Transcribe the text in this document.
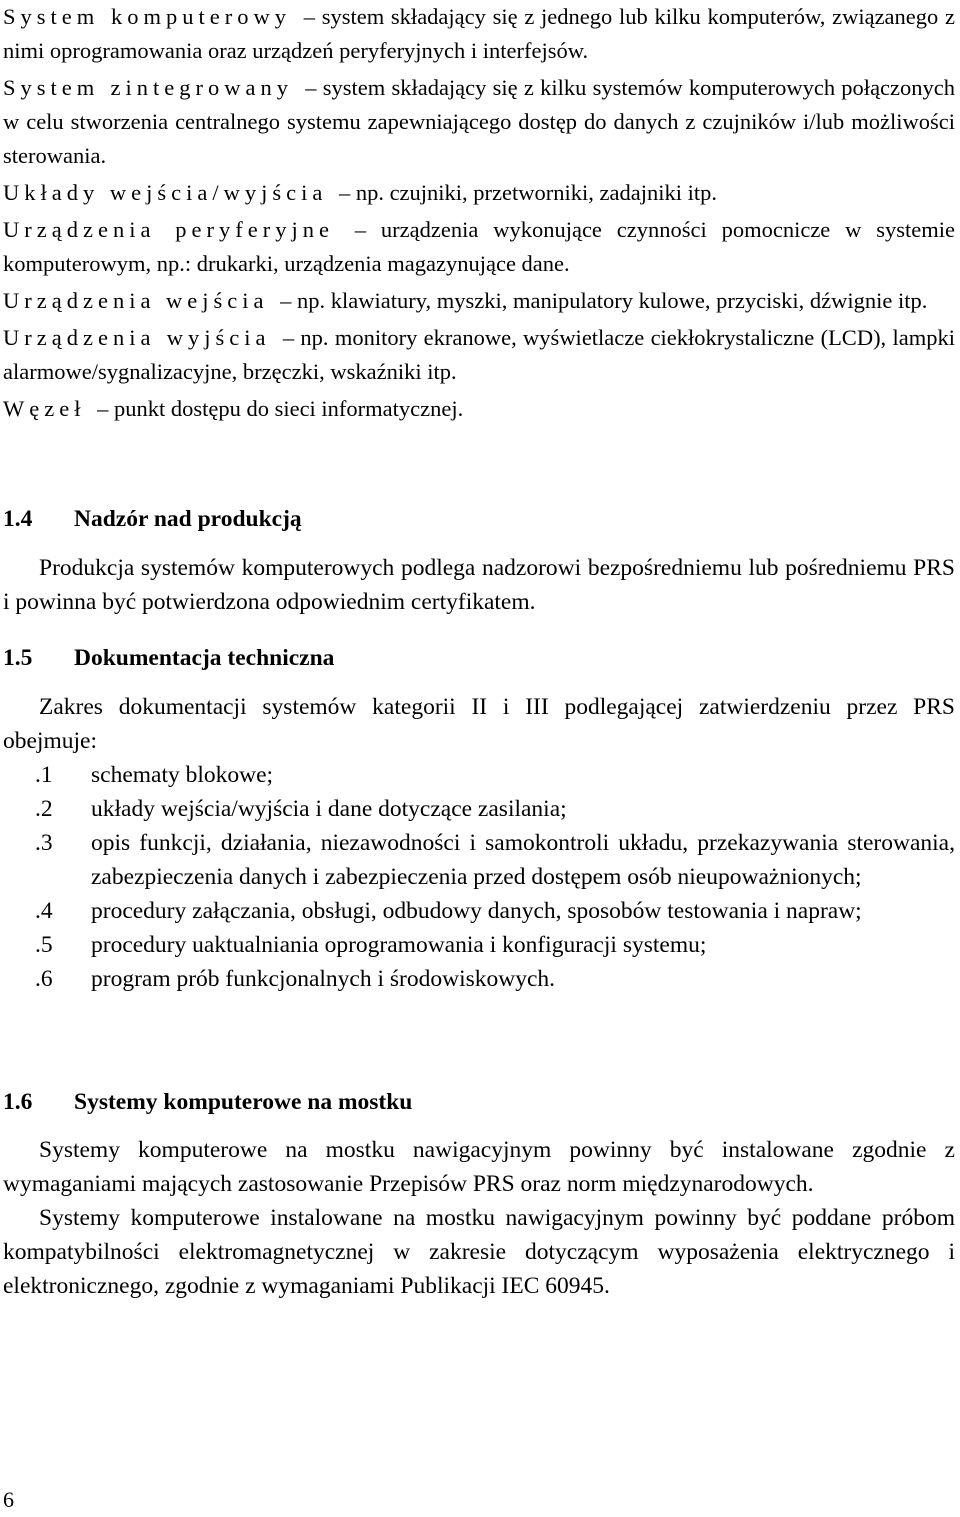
System komputerowy – system składający się z jednego lub kilku komputerów, związanego z nimi oprogramowania oraz urządzeń peryferyjnych i interfejsów.

System zintegrowany – system składający się z kilku systemów komputerowych połączonych w celu stworzenia centralnego systemu zapewniającego dostęp do danych z czujników i/lub możliwości sterowania.

Układy wejścia/wyjścia – np. czujniki, przetworniki, zadajniki itp.

Urządzenia peryferyjne – urządzenia wykonujące czynności pomocnicze w systemie komputerowym, np.: drukarki, urządzenia magazynujące dane.

Urządzenia wejścia – np. klawiatury, myszki, manipulatory kulowe, przyciski, dźwignie itp.

Urządzenia wyjścia – np. monitory ekranowe, wyświetlacze ciekłokrystaliczne (LCD), lampki alarmowe/sygnalizacyjne, brzęczki, wskaźniki itp.

Węzeł – punkt dostępu do sieci informatycznej.

1.4 Nadzór nad produkcją

Produkcja systemów komputerowych podlega nadzorowi bezpośredniemu lub pośredniemu PRS i powinna być potwierdzona odpowiednim certyfikatem.

1.5 Dokumentacja techniczna

Zakres dokumentacji systemów kategorii II i III podlegającej zatwierdzeniu przez PRS obejmuje:

.1 schematy blokowe;
.2 układy wejścia/wyjścia i dane dotyczące zasilania;
.3 opis funkcji, działania, niezawodności i samokontroli układu, przekazywania sterowania, zabezpieczenia danych i zabezpieczenia przed dostępem osób nieupoważnionych;
.4 procedury załączania, obsługi, odbudowy danych, sposobów testowania i napraw;
.5 procedury uaktualniania oprogramowania i konfiguracji systemu;
.6 program prób funkcjonalnych i środowiskowych.
1.6 Systemy komputerowe na mostku

Systemy komputerowe na mostku nawigacyjnym powinny być instalowane zgodnie z wymaganiami mających zastosowanie Przepisów PRS oraz norm międzynarodowych.

Systemy komputerowe instalowane na mostku nawigacyjnym powinny być poddane próbom kompatybilności elektromagnetycznej w zakresie dotyczącym wyposażenia elektrycznego i elektronicznego, zgodnie z wymaganiami Publikacji IEC 60945.

6
